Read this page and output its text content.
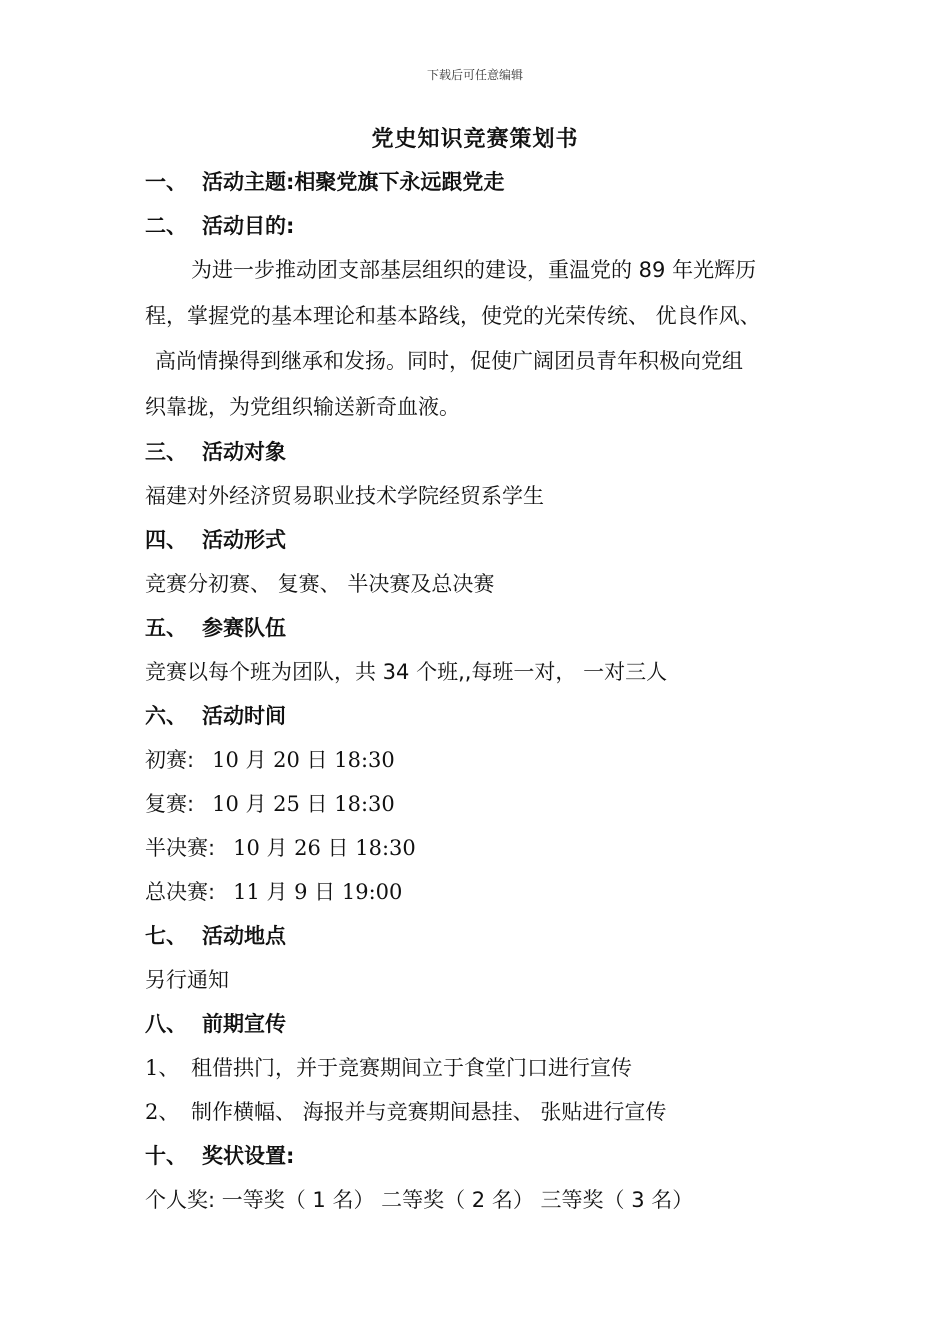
下载后可任意编辑
党史知识竞赛策划书
一、 活动主题:相聚党旗下永远跟党走
二、 活动目的:

为进一步推动团支部基层组织的建设，重温党的 89 年光辉历

程，掌握党的基本理论和基本路线，使党的光荣传统、 优良作风、

高尚情操得到继承和发扬。同时，促使广阔团员青年积极向党组

织靠拢，为党组织输送新奇血液。

三、 活动对象
福建对外经济贸易职业技术学院经贸系学生
四、 活动形式
竞赛分初赛、 复赛、 半决赛及总决赛
五、 参赛队伍
竞赛以每个班为团队，共 34 个班,,每班一对， 一对三人
六、 活动时间
初赛: 10 月 20 日 18:30
复赛: 10 月 25 日 18:30
半决赛: 10 月 26 日 18:30
总决赛: 11 月 9 日 19:00
七、 活动地点
另行通知
八、 前期宣传
1、 租借拱门，并于竞赛期间立于食堂门口进行宣传
2、 制作横幅、 海报并与竞赛期间悬挂、 张贴进行宣传
十、 奖状设置:
个人奖: 一等奖（ 1 名） 二等奖（ 2 名） 三等奖（ 3 名）
